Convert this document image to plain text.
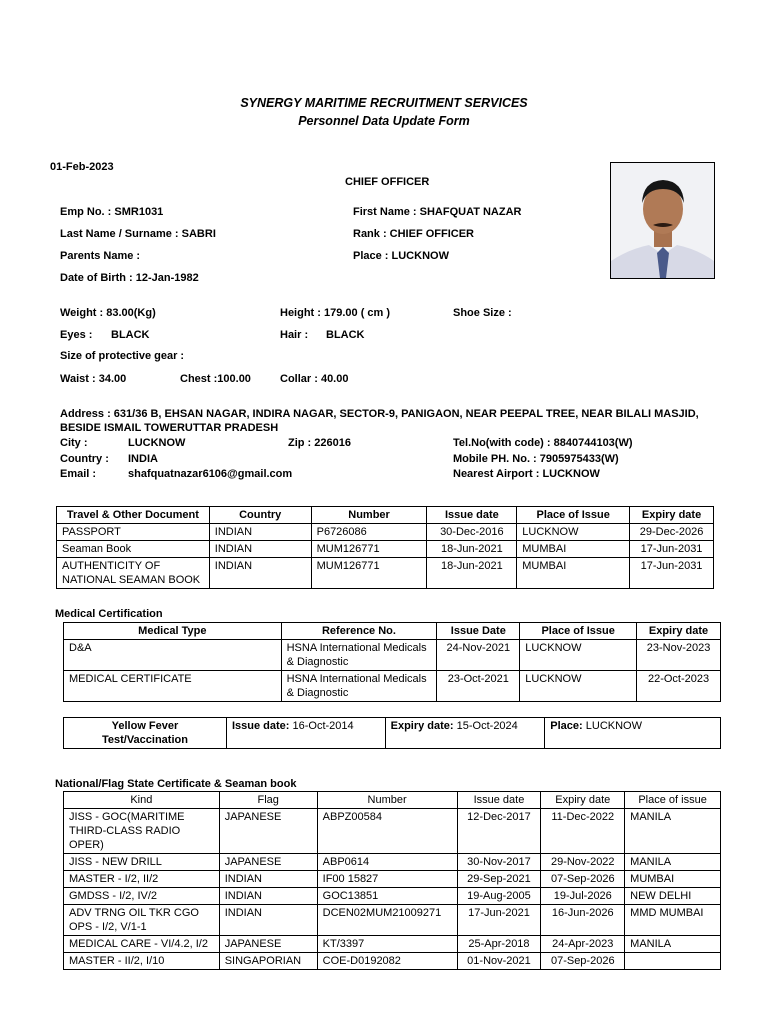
SYNERGY MARITIME RECRUITMENT SERVICES
Personnel Data Update Form
01-Feb-2023
CHIEF OFFICER
Emp No. : SMR1031	First Name : SHAFQUAT NAZAR
Last Name / Surname : SABRI	Rank : CHIEF OFFICER
Parents Name :	Place : LUCKNOW
Date of Birth : 12-Jan-1982
Weight : 83.00(Kg)	Height : 179.00 ( cm )	Shoe Size :
Eyes : BLACK	Hair : BLACK
Size of protective gear :
Waist : 34.00	Chest :100.00	Collar : 40.00
Address : 631/36 B, EHSAN NAGAR, INDIRA NAGAR, SECTOR-9, PANIGAON, NEAR PEEPAL TREE, NEAR BILALI MASJID,
BESIDE ISMAIL TOWERUTTAR PRADESH
City :	LUCKNOW	Zip : 226016	Tel.No(with code) : 8840744103(W)
Country : INDIA	Mobile PH. No. : 7905975433(W)
Email :	shafquatnazar6106@gmail.com	Nearest Airport : LUCKNOW
Travel & Other Document	Country	Number	Issue date	Place of Issue	Expiry date
PASSPORT	INDIAN	P6726086	30-Dec-2016	LUCKNOW	29-Dec-2026
Seaman Book	INDIAN	MUM126771	18-Jun-2021	MUMBAI	17-Jun-2031
AUTHENTICITY OF NATIONAL SEAMAN BOOK	INDIAN	MUM126771	18-Jun-2021	MUMBAI	17-Jun-2031
Medical Certification
Medical Type	Reference No.	Issue Date	Place of Issue	Expiry date
D&A	HSNA International Medicals & Diagnostic	24-Nov-2021	LUCKNOW	23-Nov-2023
MEDICAL CERTIFICATE	HSNA International Medicals & Diagnostic	23-Oct-2021	LUCKNOW	22-Oct-2023
Yellow Fever Test/Vaccination	Issue date: 16-Oct-2014	Expiry date: 15-Oct-2024	Place: LUCKNOW
National/Flag State Certificate & Seaman book
Kind	Flag	Number	Issue date	Expiry date	Place of issue
JISS - GOC(MARITIME THIRD-CLASS RADIO OPER)	JAPANESE	ABPZ00584	12-Dec-2017	11-Dec-2022	MANILA
JISS - NEW DRILL	JAPANESE	ABP0614	30-Nov-2017	29-Nov-2022	MANILA
MASTER - I/2, II/2	INDIAN	IF00 15827	29-Sep-2021	07-Sep-2026	MUMBAI
GMDSS - I/2, IV/2	INDIAN	GOC13851	19-Aug-2005	19-Jul-2026	NEW DELHI
ADV TRNG OIL TKR CGO OPS - I/2, V/1-1	INDIAN	DCEN02MUM21009271	17-Jun-2021	16-Jun-2026	MMD MUMBAI
MEDICAL CARE - VI/4.2, I/2	JAPANESE	KT/3397	25-Apr-2018	24-Apr-2023	MANILA
MASTER - II/2, I/10	SINGAPORIAN	COE-D0192082	01-Nov-2021	07-Sep-2026	
